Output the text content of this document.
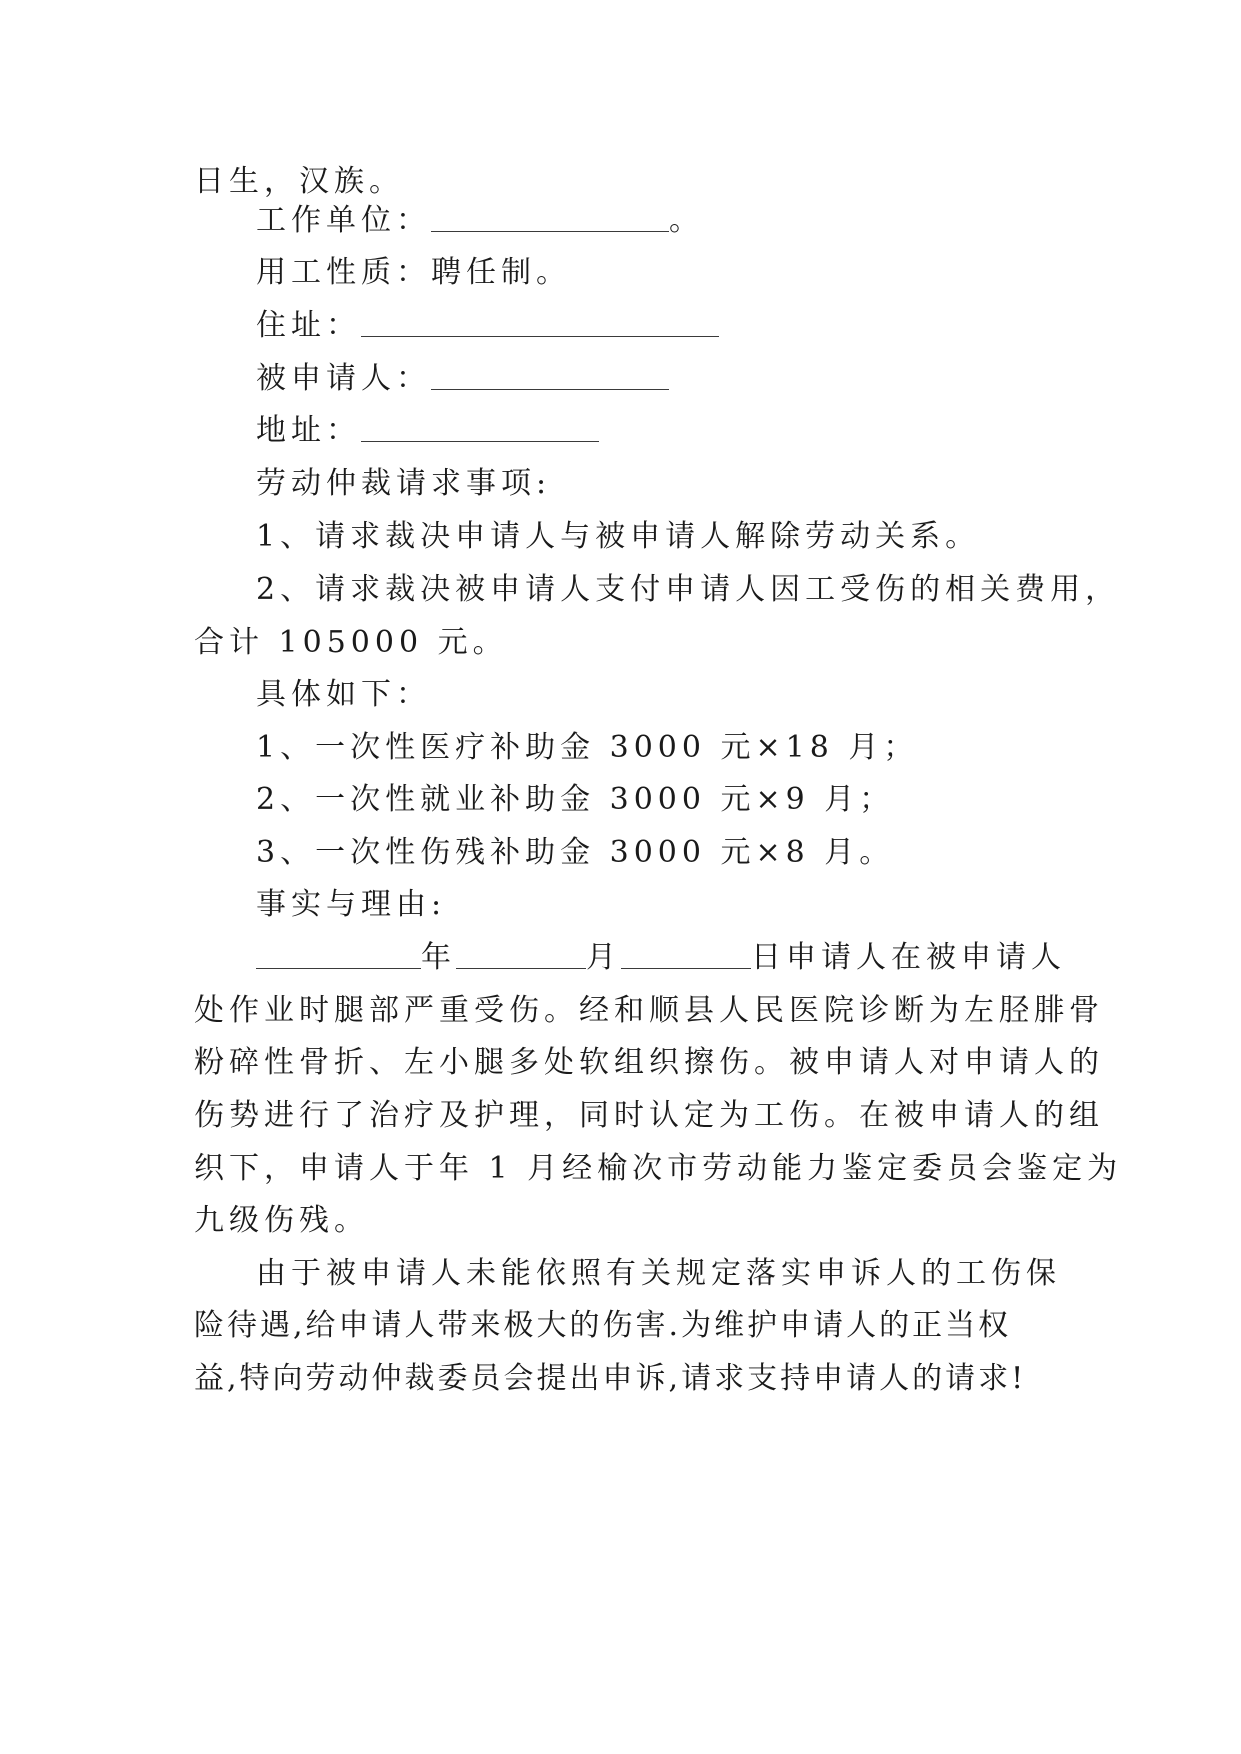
日生，汉族。
工作单位：	。
用工性质：聘任制。
住址：
被申请人：
地址：
劳动仲裁请求事项:
1、请求裁决申请人与被申请人解除劳动关系。
2、请求裁决被申请人支付申请人因工受伤的相关费用，
合计 105000 元。
具体如下：
1、一次性医疗补助金 3000 元×18 月；
2、一次性就业补助金 3000 元×9 月；
3、一次性伤残补助金 3000 元×8 月。
事实与理由:
年	月	日申请人在被申请人
处作业时腿部严重受伤。经和顺县人民医院诊断为左胫腓骨
粉碎性骨折、左小腿多处软组织擦伤。被申请人对申请人的
伤势进行了治疗及护理，同时认定为工伤。在被申请人的组
织下，申请人于年 1 月经榆次市劳动能力鉴定委员会鉴定为
九级伤残。
由于被申请人未能依照有关规定落实申诉人的工伤保
险待遇,给申请人带来极大的伤害.为维护申请人的正当权
益,特向劳动仲裁委员会提出申诉,请求支持申请人的请求!
